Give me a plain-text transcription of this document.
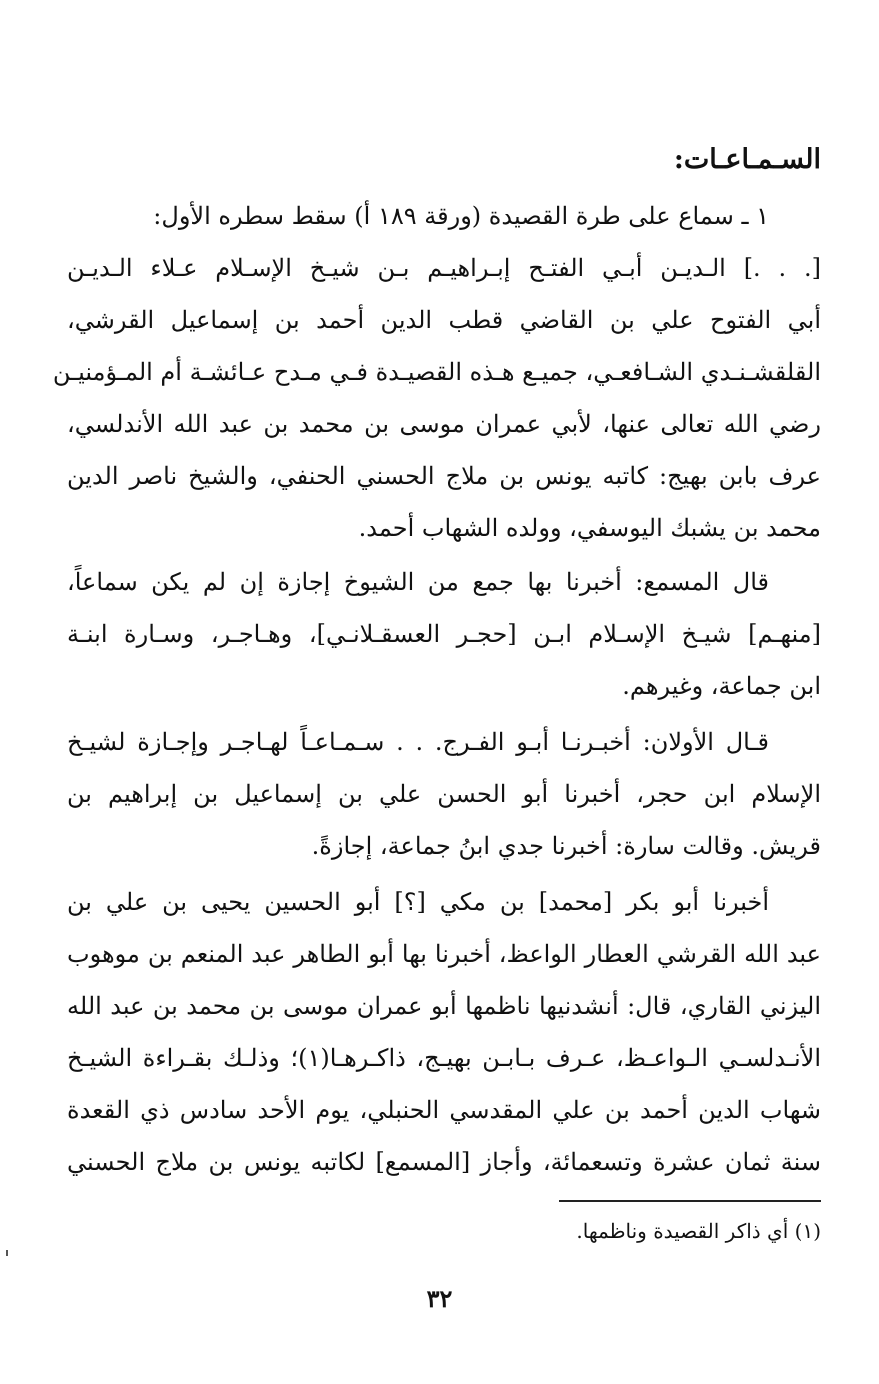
السـمـاعـات:
١ ـ سماع على طرة القصيدة (ورقة ١٨٩ أ) سقط سطره الأول:
[. . .] الـديـن أبـي الفتـح إبـراهيـم بـن شيـخ الإسـلام عـلاء الـديـن
أبي الفتوح علي بن القاضي قطب الدين أحمد بن إسماعيل القرشي،
القلقشـنـدي الشـافعـي، جميـع هـذه القصيـدة فـي مـدح عـائشـة أم المـؤمنيـن
رضي الله تعالى عنها، لأبي عمران موسى بن محمد بن عبد الله الأندلسي،
عرف بابن بهيج: كاتبه يونس بن ملاج الحسني الحنفي، والشيخ ناصر الدين
محمد بن يشبك اليوسفي، وولده الشهاب أحمد.
قال المسمع: أخبرنا بها جمع من الشيوخ إجازة إن لم يكن سماعاً،
[منهـم] شيـخ الإسـلام ابـن [حجـر العسقـلانـي]، وهـاجـر، وسـارة ابنـة
ابن جماعة، وغيرهم.
قـال الأولان: أخبـرنـا أبـو الفـرج. . . سـمـاعـاً لهـاجـر وإجـازة لشيـخ
الإسلام ابن حجر، أخبرنا أبو الحسن علي بن إسماعيل بن إبراهيم بن
قريش. وقالت سارة: أخبرنا جدي ابنُ جماعة، إجازةً.
أخبرنا أبو بكر [محمد] بن مكي [؟] أبو الحسين يحيى بن علي بن
عبد الله القرشي العطار الواعظ، أخبرنا بها أبو الطاهر عبد المنعم بن موهوب
اليزني القاري، قال: أنشدنيها ناظمها أبو عمران موسى بن محمد بن عبد الله
الأنـدلسـي الـواعـظ، عـرف بـابـن بهيـج، ذاكـرهـا(١)؛ وذلـك بقـراءة الشيـخ
شهاب الدين أحمد بن علي المقدسي الحنبلي، يوم الأحد سادس ذي القعدة
سنة ثمان عشرة وتسعمائة، وأجاز [المسمع] لكاتبه يونس بن ملاج الحسني

(١) أي ذاكر القصيدة وناظمها.

٣٢
